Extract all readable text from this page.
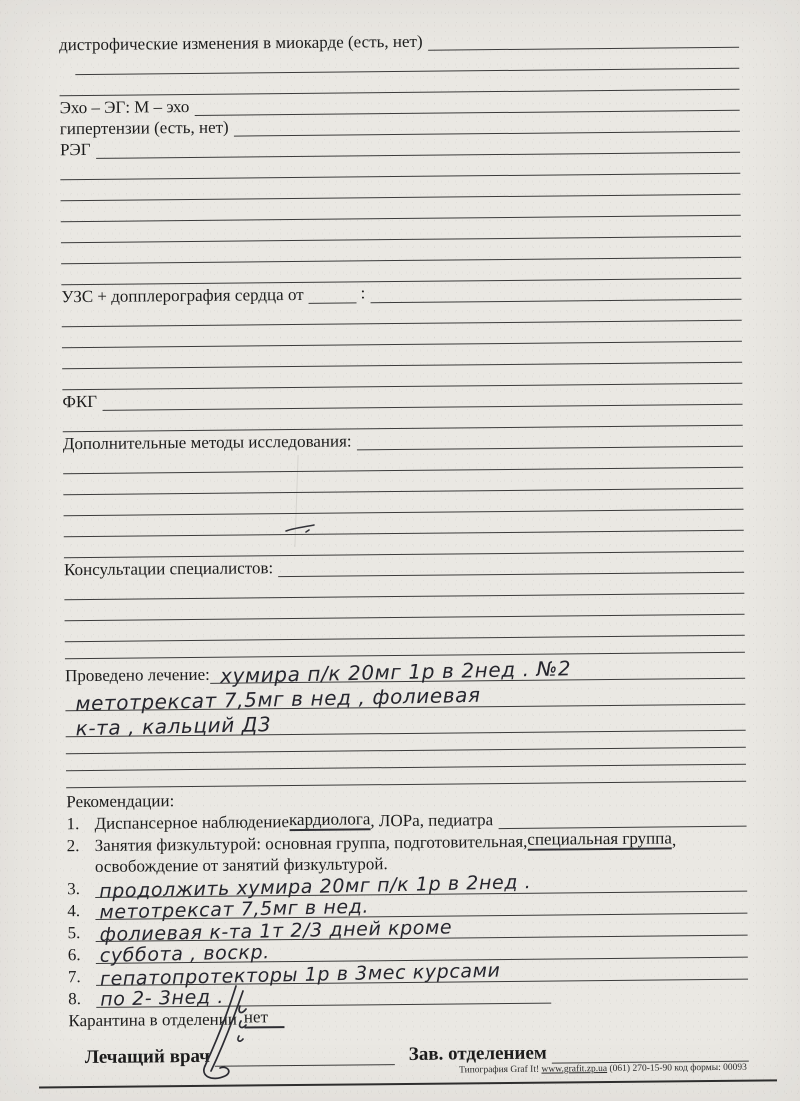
дистрофические изменения в миокарде (есть, нет)
Эхо – ЭГ: М – эхо
гипертензии (есть, нет)
РЭГ
УЗС + допплерография сердца от	:
ФКГ
Дополнительные методы исследования:
Консультации специалистов:
Проведено лечение: хумира п/к 20мг 1р в 2нед . №2
метотрексат 7,5мг в нед , фолиевая
к-та , кальций Д3
Рекомендации:
1. Диспансерное наблюдение кардиолога , ЛОРа, педиатра
2. Занятия физкультурой: основная группа, подготовительная, специальная группа ,
освобождение от занятий физкультурой.
3. продолжить хумира 20мг п/к 1р в 2нед .
4. метотрексат 7,5мг в нед.
5. фолиевая к-та 1т 2/3 дней кроме
6. суббота , воскр.
7. гепатопротекторы 1р в 3мес курсами
8. по 2- 3нед .
Карантина в отделении нет
Лечащий врач	Зав. отделением
Типография Graf It! www.grafit.zp.ua (061) 270-15-90 код формы: 00093
